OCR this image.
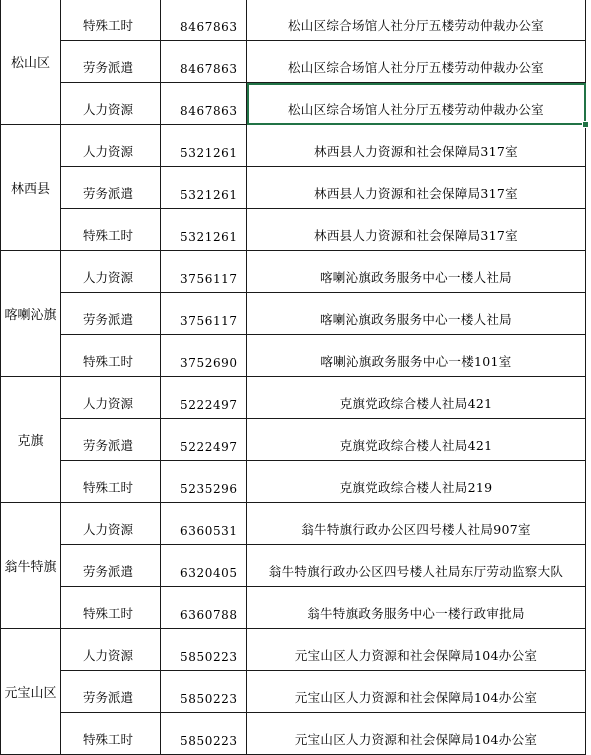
松山区	特殊工时	8467863	松山区综合场馆人社分厅五楼劳动仲裁办公室
	劳务派遣	8467863	松山区综合场馆人社分厅五楼劳动仲裁办公室
	人力资源	8467863	松山区综合场馆人社分厅五楼劳动仲裁办公室
林西县	人力资源	5321261	林西县人力资源和社会保障局317室
	劳务派遣	5321261	林西县人力资源和社会保障局317室
	特殊工时	5321261	林西县人力资源和社会保障局317室
喀喇沁旗	人力资源	3756117	喀喇沁旗政务服务中心一楼人社局
	劳务派遣	3756117	喀喇沁旗政务服务中心一楼人社局
	特殊工时	3752690	喀喇沁旗政务服务中心一楼101室
克旗	人力资源	5222497	克旗党政综合楼人社局421
	劳务派遣	5222497	克旗党政综合楼人社局421
	特殊工时	5235296	克旗党政综合楼人社局219
翁牛特旗	人力资源	6360531	翁牛特旗行政办公区四号楼人社局907室
	劳务派遣	6320405	翁牛特旗行政办公区四号楼人社局东厅劳动监察大队
	特殊工时	6360788	翁牛特旗政务服务中心一楼行政审批局
元宝山区	人力资源	5850223	元宝山区人力资源和社会保障局104办公室
	劳务派遣	5850223	元宝山区人力资源和社会保障局104办公室
	特殊工时	5850223	元宝山区人力资源和社会保障局104办公室
